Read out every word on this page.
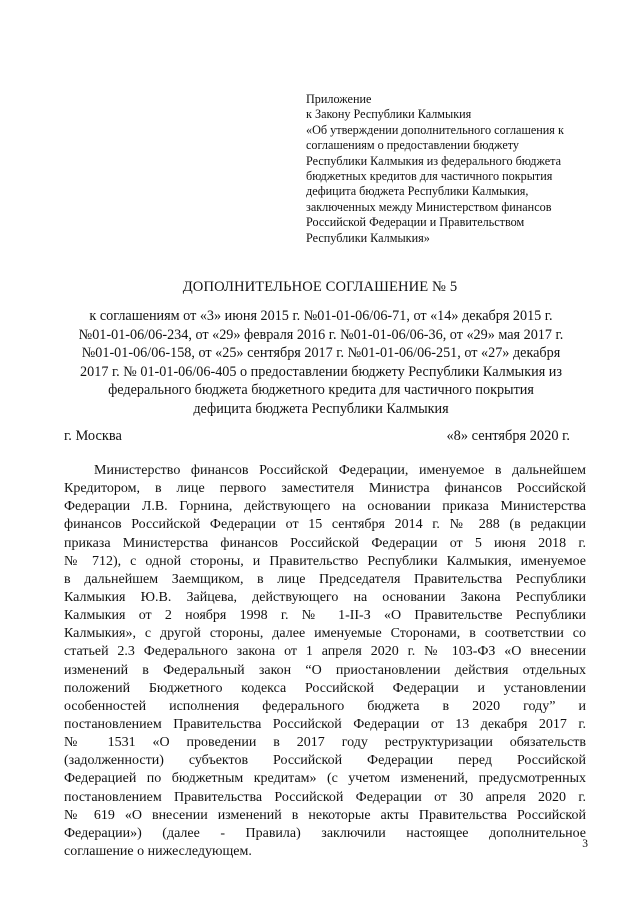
Приложение
к Закону Республики Калмыкия
«Об утверждении дополнительного соглашения к
соглашениям о предоставлении бюджету
Республики Калмыкия из федерального бюджета
бюджетных кредитов для частичного покрытия
дефицита бюджета Республики Калмыкия,
заключенных между Министерством финансов
Российской Федерации и Правительством
Республики Калмыкия»
ДОПОЛНИТЕЛЬНОЕ СОГЛАШЕНИЕ № 5
к соглашениям от «3» июня 2015 г. №01-01-06/06-71, от «14» декабря 2015 г.
№01-01-06/06-234, от «29» февраля 2016 г. №01-01-06/06-36, от «29» мая 2017 г.
№01-01-06/06-158, от «25» сентября 2017 г. №01-01-06/06-251, от «27» декабря
2017 г. № 01-01-06/06-405 о предоставлении бюджету Республики Калмыкия из
федерального бюджета бюджетного кредита для частичного покрытия
дефицита бюджета Республики Калмыкия
г. Москва	«8» сентября 2020 г.
Министерство финансов Российской Федерации, именуемое в дальнейшем
Кредитором, в лице первого заместителя Министра финансов Российской
Федерации Л.В. Горнина, действующего на основании приказа Министерства
финансов Российской Федерации от 15 сентября 2014 г. № 288 (в редакции
приказа Министерства финансов Российской Федерации от 5 июня 2018 г.
№ 712), с одной стороны, и Правительство Республики Калмыкия, именуемое
в дальнейшем Заемщиком, в лице Председателя Правительства Республики
Калмыкия Ю.В. Зайцева, действующего на основании Закона Республики
Калмыкия от 2 ноября 1998 г. № 1-II-З «О Правительстве Республики
Калмыкия», с другой стороны, далее именуемые Сторонами, в соответствии со
статьей 2.3 Федерального закона от 1 апреля 2020 г. № 103-ФЗ «О внесении
изменений в Федеральный закон “О приостановлении действия отдельных
положений Бюджетного кодекса Российской Федерации и установлении
особенностей исполнения федерального бюджета в 2020 году” и
постановлением Правительства Российской Федерации от 13 декабря 2017 г.
№ 1531 «О проведении в 2017 году реструктуризации обязательств
(задолженности) субъектов Российской Федерации перед Российской
Федерацией по бюджетным кредитам» (с учетом изменений, предусмотренных
постановлением Правительства Российской Федерации от 30 апреля 2020 г.
№ 619 «О внесении изменений в некоторые акты Правительства Российской
Федерации») (далее - Правила) заключили настоящее дополнительное
соглашение о нижеследующем.	3
